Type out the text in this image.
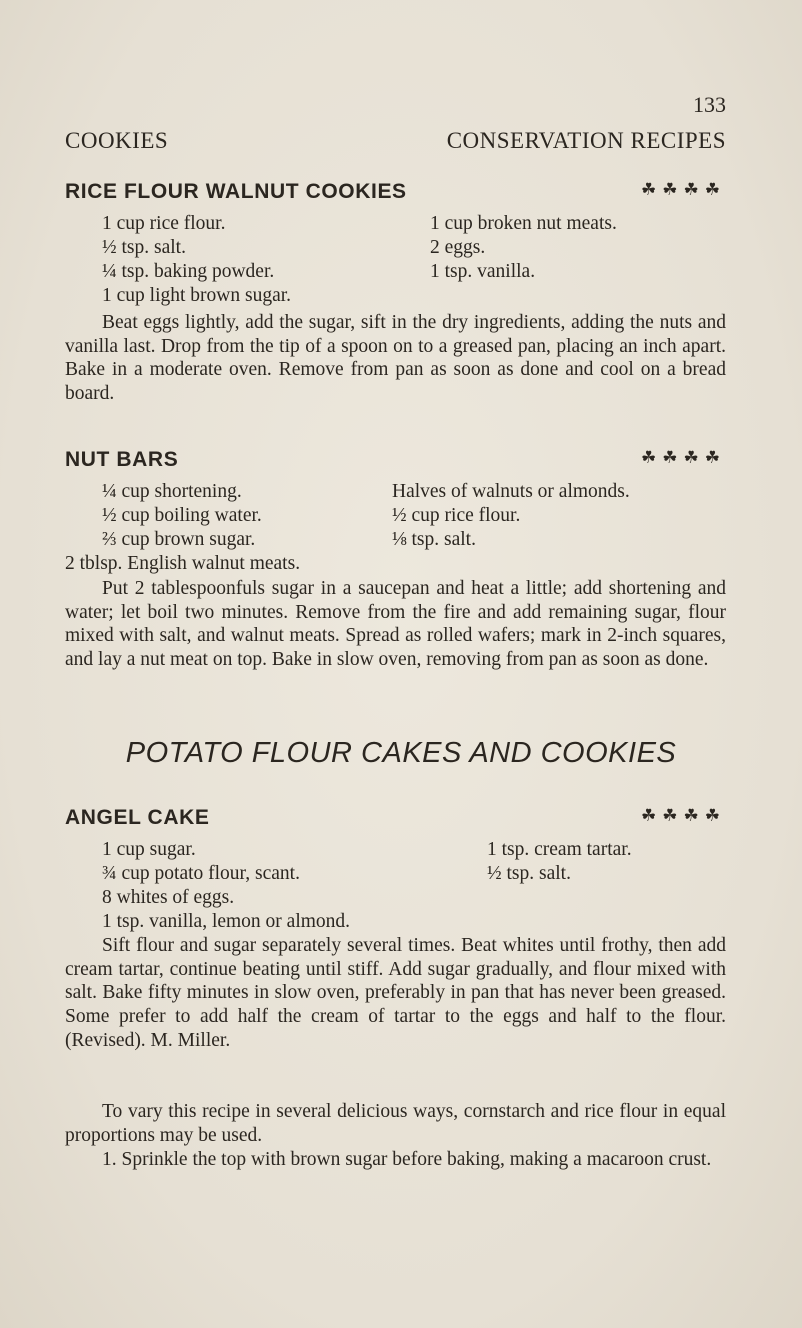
133
COOKIES	CONSERVATION RECIPES
RICE FLOUR WALNUT COOKIES	☘☘☘☘
1 cup rice flour.
½ tsp. salt.
¼ tsp. baking powder.
1 cup light brown sugar.
1 cup broken nut meats.
2 eggs.
1 tsp. vanilla.

Beat eggs lightly, add the sugar, sift in the dry ingredients, adding the nuts and vanilla last. Drop from the tip of a spoon on to a greased pan, placing an inch apart. Bake in a moderate oven. Remove from pan as soon as done and cool on a bread board.

NUT BARS	☘☘☘☘
¼ cup shortening.
½ cup boiling water.
⅔ cup brown sugar.
2 tblsp. English walnut meats.
Halves of walnuts or almonds.
½ cup rice flour.
⅛ tsp. salt.

Put 2 tablespoonfuls sugar in a saucepan and heat a little; add shortening and water; let boil two minutes. Remove from the fire and add remaining sugar, flour mixed with salt, and walnut meats. Spread as rolled wafers; mark in 2-inch squares, and lay a nut meat on top. Bake in slow oven, removing from pan as soon as done.

POTATO FLOUR CAKES AND COOKIES
ANGEL CAKE	☘☘☘☘
1 cup sugar.
¾ cup potato flour, scant.
8 whites of eggs.
1 tsp. vanilla, lemon or almond.
1 tsp. cream tartar.
½ tsp. salt.

Sift flour and sugar separately several times. Beat whites until frothy, then add cream tartar, continue beating until stiff. Add sugar gradually, and flour mixed with salt. Bake fifty minutes in slow oven, preferably in pan that has never been greased. Some prefer to add half the cream of tartar to the eggs and half to the flour. (Revised). M. Miller.

To vary this recipe in several delicious ways, cornstarch and rice flour in equal proportions may be used.

1. Sprinkle the top with brown sugar before baking, making a macaroon crust.
